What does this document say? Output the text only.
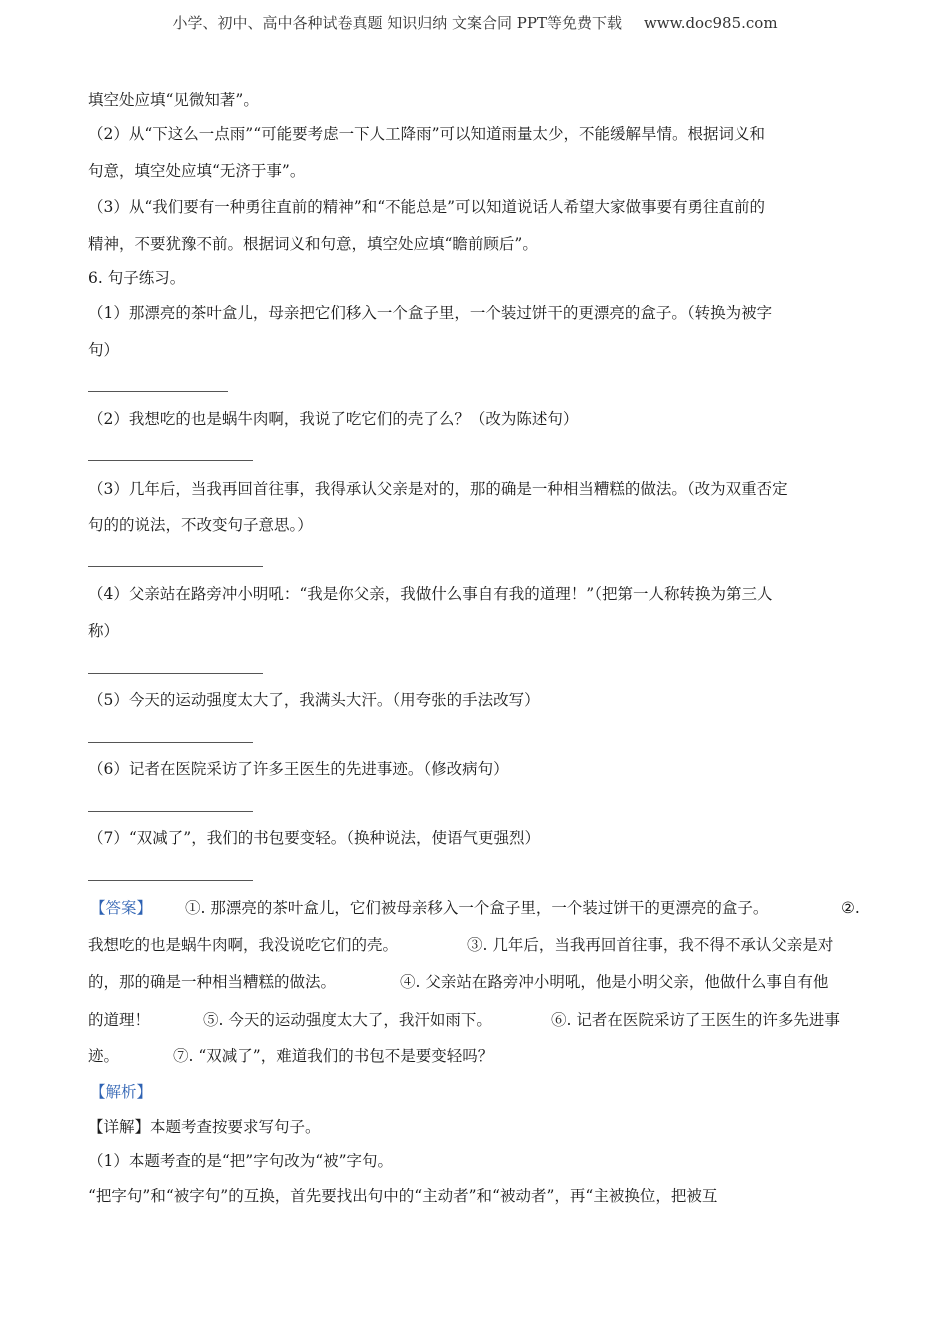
小学、初中、高中各种试卷真题 知识归纳 文案合同 PPT等免费下载 www.doc985.com
填空处应填“见微知著”。
（2）从“下这么一点雨”“可能要考虑一下人工降雨”可以知道雨量太少，不能缓解旱情。根据词义和
句意，填空处应填“无济于事”。
（3）从“我们要有一种勇往直前的精神”和“不能总是”可以知道说话人希望大家做事要有勇往直前的
精神，不要犹豫不前。根据词义和句意，填空处应填“瞻前顾后”。
6. 句子练习。
（1）那漂亮的茶叶盒儿，母亲把它们移入一个盒子里，一个装过饼干的更漂亮的盒子。（转换为被字
句）
（2）我想吃的也是蜗牛肉啊，我说了吃它们的壳了么？（改为陈述句）
（3）几年后，当我再回首往事，我得承认父亲是对的，那的确是一种相当糟糕的做法。（改为双重否定
句的的说法，不改变句子意思。）
（4）父亲站在路旁冲小明吼：“我是你父亲，我做什么事自有我的道理！”（把第一人称转换为第三人
称）
（5）今天的运动强度太大了，我满头大汗。（用夸张的手法改写）
（6）记者在医院采访了许多王医生的先进事迹。（修改病句）
（7）“双减了”，我们的书包要变轻。（换种说法，使语气更强烈）
【答案】 ①. 那漂亮的茶叶盒儿，它们被母亲移入一个盒子里，一个装过饼干的更漂亮的盒子。	②.
我想吃的也是蜗牛肉啊，我没说吃它们的壳。	③. 几年后，当我再回首往事，我不得不承认父亲是对
的，那的确是一种相当糟糕的做法。	④. 父亲站在路旁冲小明吼，他是小明父亲，他做什么事自有他
的道理！	⑤. 今天的运动强度太大了，我汗如雨下。	⑥. 记者在医院采访了王医生的许多先进事
迹。	⑦. “双减了”，难道我们的书包不是要变轻吗？
【解析】
【详解】本题考查按要求写句子。
（1）本题考查的是“把”字句改为“被”字句。
“把字句”和“被字句”的互换，首先要找出句中的“主动者”和“被动者”，再“主被换位，把被互
